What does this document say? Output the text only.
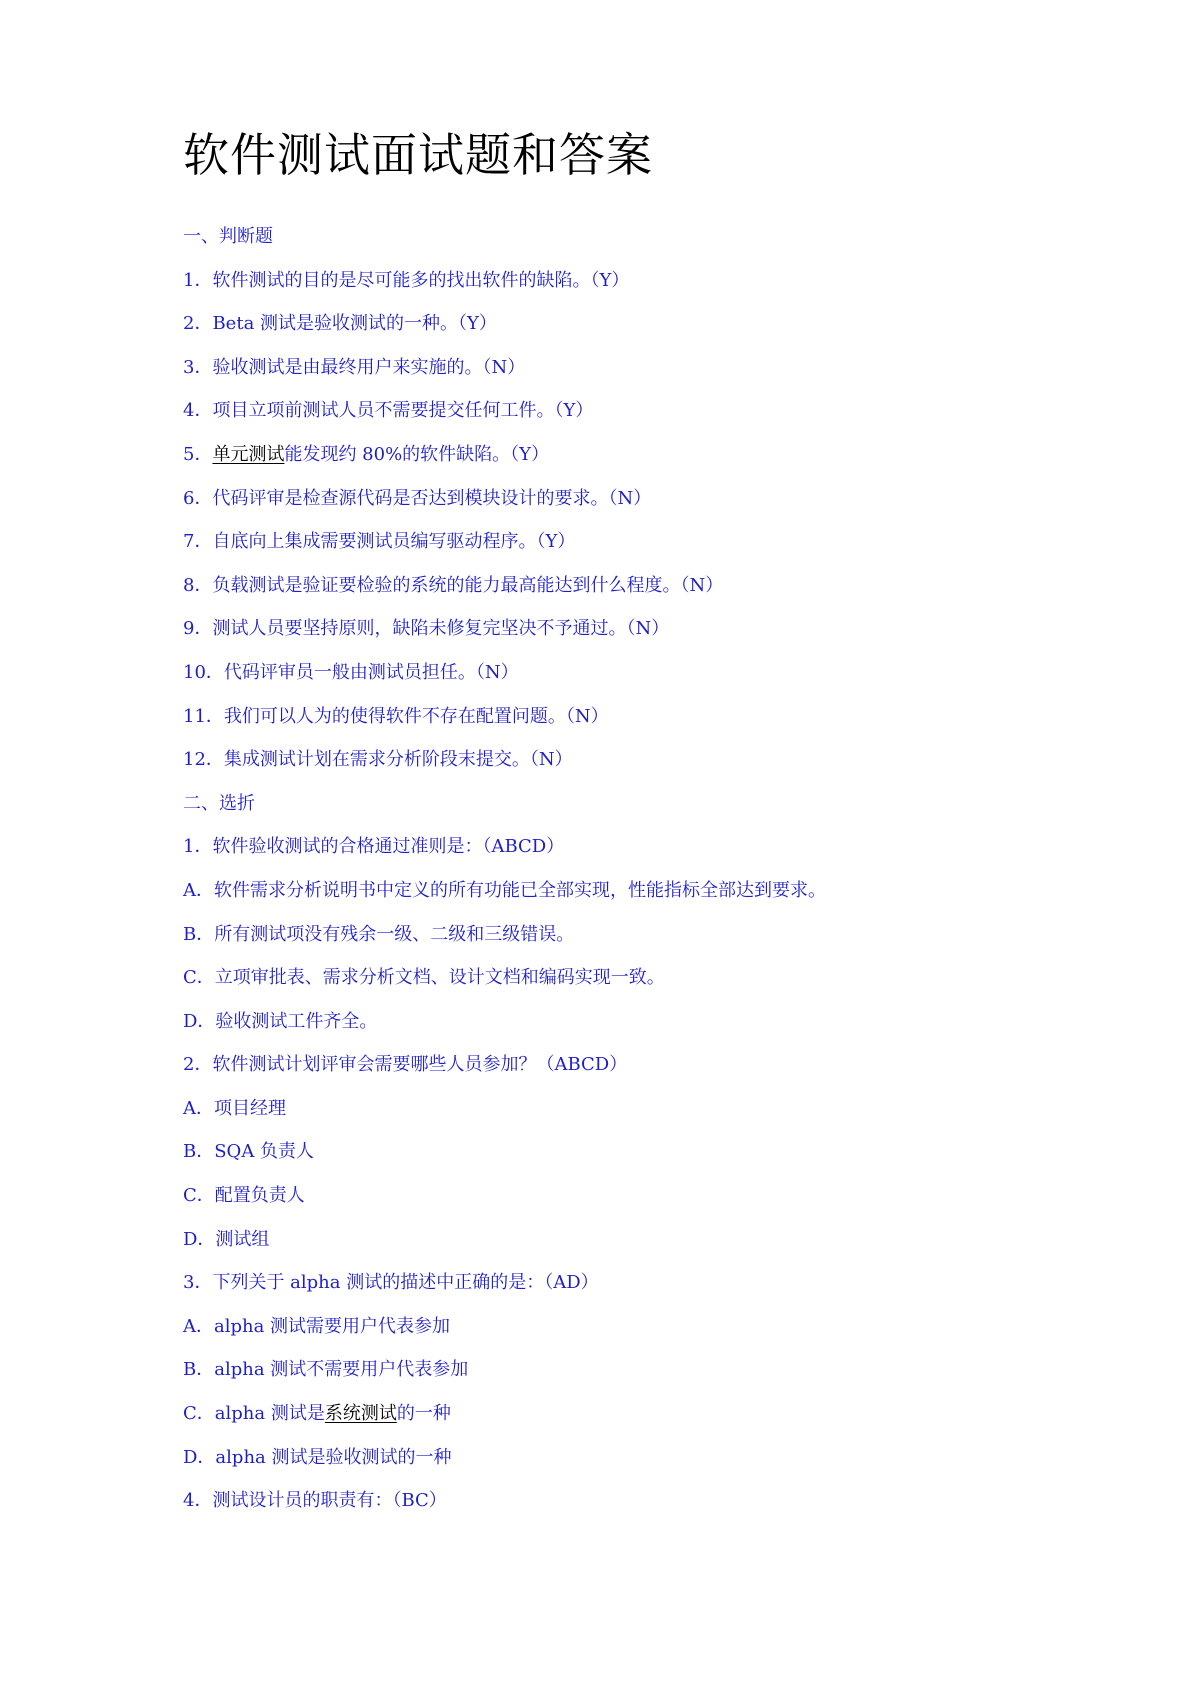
软件测试面试题和答案
一、判断题
1．软件测试的目的是尽可能多的找出软件的缺陷。（Y）
2．Beta 测试是验收测试的一种。（Y）
3．验收测试是由最终用户来实施的。（N）
4．项目立项前测试人员不需要提交任何工件。（Y）
5．单元测试能发现约 80%的软件缺陷。（Y）
6．代码评审是检查源代码是否达到模块设计的要求。（N）
7．自底向上集成需要测试员编写驱动程序。（Y）
8．负载测试是验证要检验的系统的能力最高能达到什么程度。（N）
9．测试人员要坚持原则，缺陷未修复完坚决不予通过。（N）
10．代码评审员一般由测试员担任。（N）
11．我们可以人为的使得软件不存在配置问题。（N）
12．集成测试计划在需求分析阶段末提交。（N）
二、选折
1．软件验收测试的合格通过准则是：（ABCD）
A．软件需求分析说明书中定义的所有功能已全部实现，性能指标全部达到要求。
B．所有测试项没有残余一级、二级和三级错误。
C．立项审批表、需求分析文档、设计文档和编码实现一致。
D．验收测试工件齐全。
2．软件测试计划评审会需要哪些人员参加？（ABCD）
A．项目经理
B．SQA 负责人
C．配置负责人
D．测试组
3．下列关于 alpha 测试的描述中正确的是：（AD）
A．alpha 测试需要用户代表参加
B．alpha 测试不需要用户代表参加
C．alpha 测试是系统测试的一种
D．alpha 测试是验收测试的一种
4．测试设计员的职责有：（BC）
